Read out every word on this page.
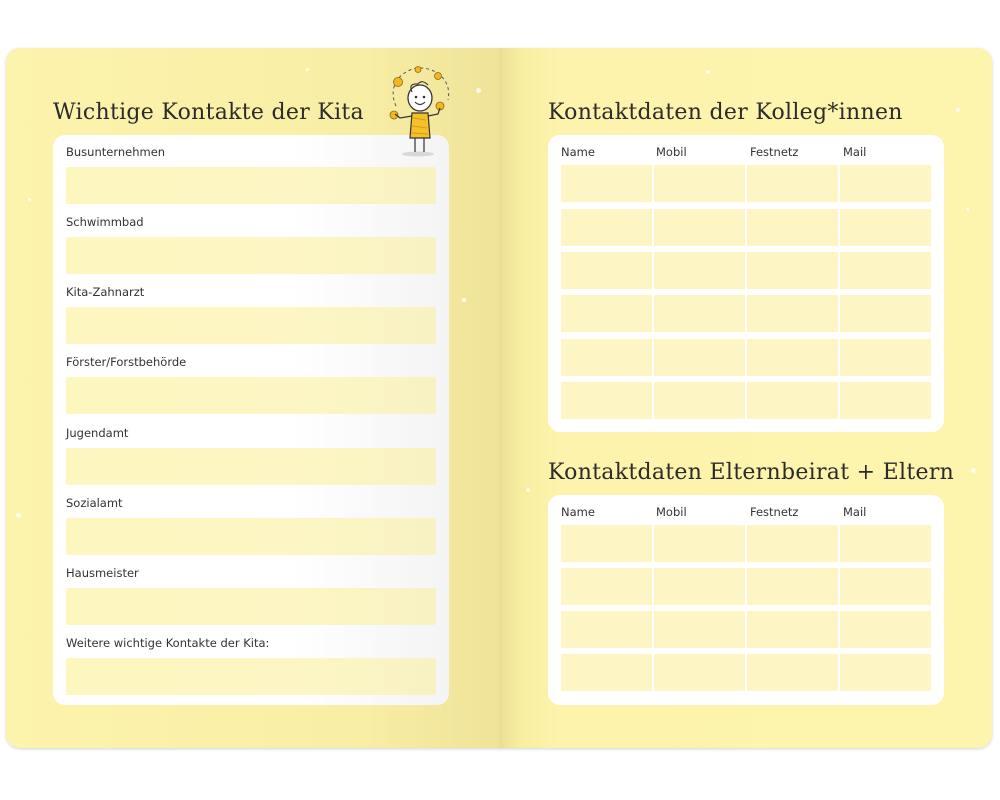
Wichtige Kontakte der Kita
Busunternehmen
Schwimmbad
Kita-Zahnarzt
Förster/Forstbehörde
Jugendamt
Sozialamt
Hausmeister
Weitere wichtige Kontakte der Kita:
Kontaktdaten der Kolleg*innen
Name	Mobil	Festnetz	Mail
Kontaktdaten Elternbeirat + Eltern
Name	Mobil	Festnetz	Mail
